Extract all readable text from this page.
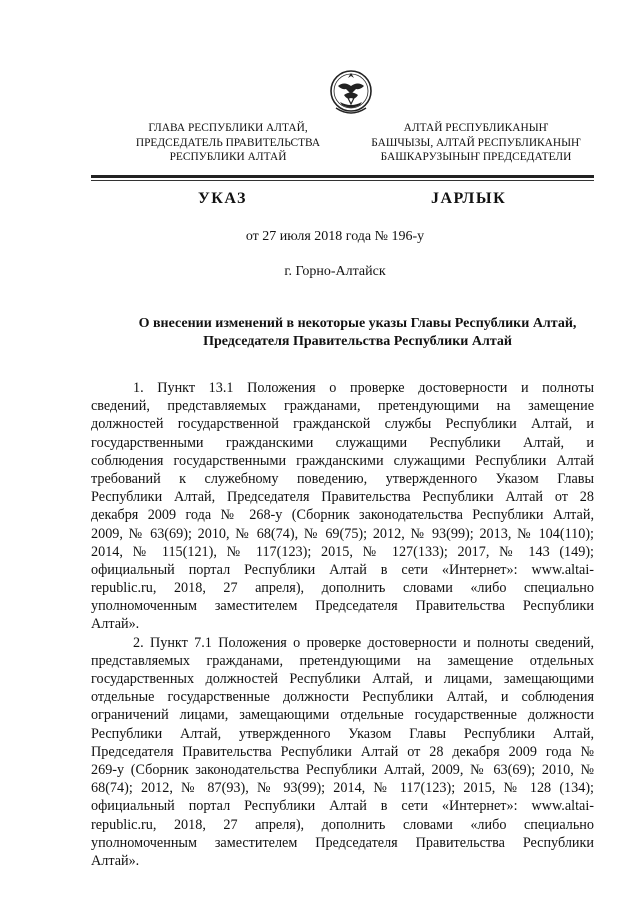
ГЛАВА РЕСПУБЛИКИ АЛТАЙ,
ПРЕДСЕДАТЕЛЬ ПРАВИТЕЛЬСТВА
РЕСПУБЛИКИ АЛТАЙ
АЛТАЙ РЕСПУБЛИКАНЫҤ
БАШЧЫЗЫ, АЛТАЙ РЕСПУБЛИКАНЫҤ
БАШКАРУЗЫНЫҤ ПРЕДСЕДАТЕЛИ
УКАЗ	JАРЛЫК
от 27 июля 2018 года № 196-у
г. Горно-Алтайск
О внесении изменений в некоторые указы Главы Республики Алтай,
Председателя Правительства Республики Алтай
1. Пункт 13.1 Положения о проверке достоверности и полноты
сведений, представляемых гражданами, претендующими на замещение
должностей государственной гражданской службы Республики Алтай, и
государственными гражданскими служащими Республики Алтай, и
соблюдения государственными гражданскими служащими Республики Алтай
требований к служебному поведению, утвержденного Указом Главы
Республики Алтай, Председателя Правительства Республики Алтай от 28
декабря 2009 года № 268-у (Сборник законодательства Республики Алтай,
2009, № 63(69); 2010, № 68(74), № 69(75); 2012, № 93(99); 2013, № 104(110);
2014, № 115(121), № 117(123); 2015, № 127(133); 2017, № 143 (149);
официальный портал Республики Алтай в сети «Интернет»: www.altai-
republic.ru, 2018, 27 апреля), дополнить словами «либо специально
уполномоченным заместителем Председателя Правительства Республики
Алтай».
2. Пункт 7.1 Положения о проверке достоверности и полноты сведений,
представляемых гражданами, претендующими на замещение отдельных
государственных должностей Республики Алтай, и лицами, замещающими
отдельные государственные должности Республики Алтай, и соблюдения
ограничений лицами, замещающими отдельные государственные должности
Республики Алтай, утвержденного Указом Главы Республики Алтай,
Председателя Правительства Республики Алтай от 28 декабря 2009 года №
269-у (Сборник законодательства Республики Алтай, 2009, № 63(69); 2010, №
68(74); 2012, № 87(93), № 93(99); 2014, № 117(123); 2015, № 128 (134);
официальный портал Республики Алтай в сети «Интернет»: www.altai-
republic.ru, 2018, 27 апреля), дополнить словами «либо специально
уполномоченным заместителем Председателя Правительства Республики
Алтай».
